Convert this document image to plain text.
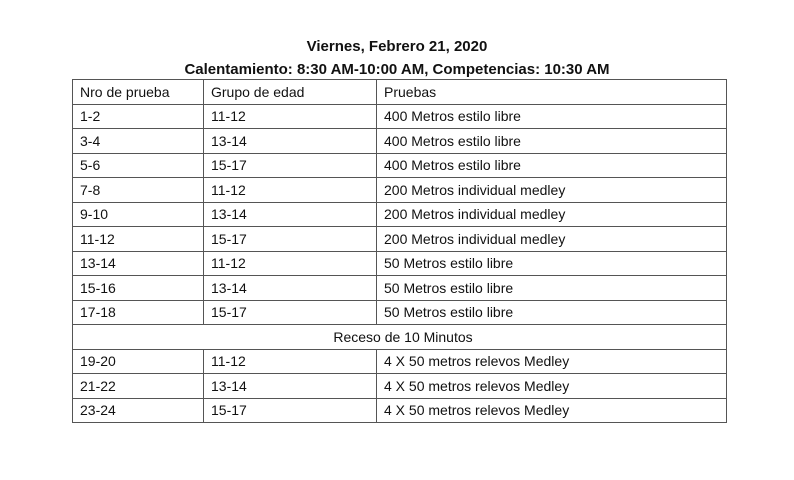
Viernes, Febrero 21, 2020
Calentamiento: 8:30 AM-10:00 AM, Competencias: 10:30 AM
Nro de prueba	Grupo de edad	Pruebas
1-2	11-12	400 Metros estilo libre
3-4	13-14	400 Metros estilo libre
5-6	15-17	400 Metros estilo libre
7-8	11-12	200 Metros individual medley
9-10	13-14	200 Metros individual medley
11-12	15-17	200 Metros individual medley
13-14	11-12	50 Metros estilo libre
15-16	13-14	50 Metros estilo libre
17-18	15-17	50 Metros estilo libre
Receso de 10 Minutos		
19-20	11-12	4 X 50 metros relevos Medley
21-22	13-14	4 X 50 metros relevos Medley
23-24	15-17	4 X 50 metros relevos Medley
